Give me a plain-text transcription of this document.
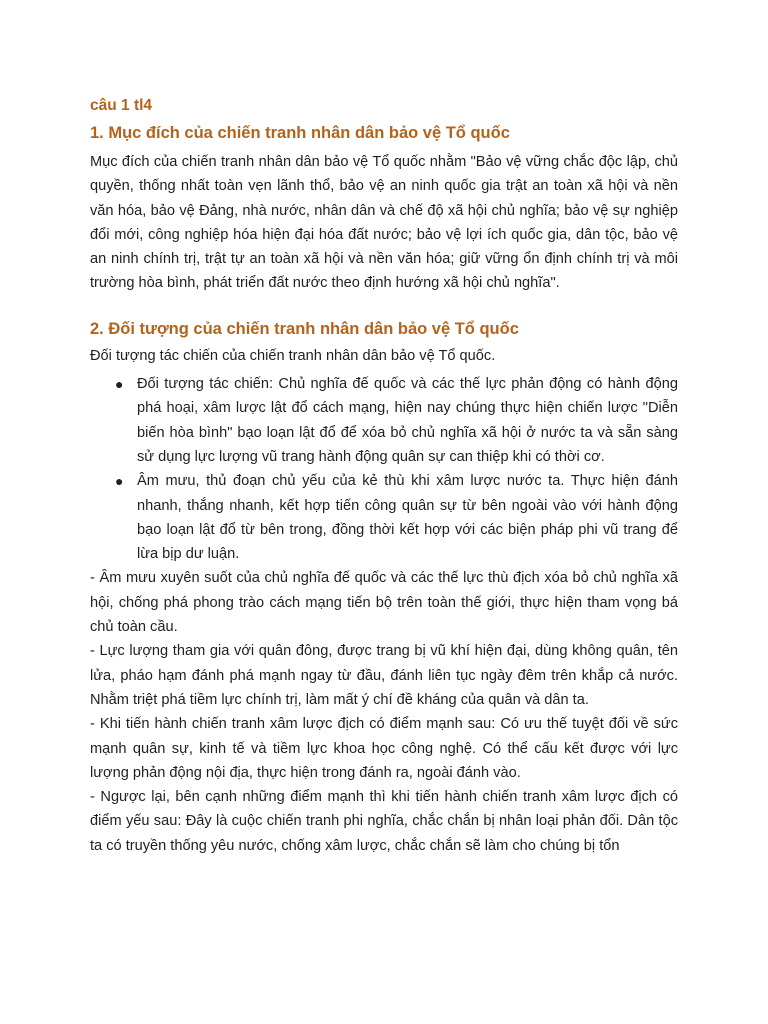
câu 1 tl4

1. Mục đích của chiến tranh nhân dân bảo vệ Tổ quốc

Mục đích của chiến tranh nhân dân bảo vệ Tổ quốc nhằm "Bảo vệ vững chắc độc lập, chủ quyền, thống nhất toàn vẹn lãnh thổ, bảo vệ an ninh quốc gia trật an toàn xã hội và nền văn hóa, bảo vệ Đảng, nhà nước, nhân dân và chế độ xã hội chủ nghĩa; bảo vệ sự nghiệp đổi mới, công nghiệp hóa hiện đại hóa đất nước; bảo vệ lợi ích quốc gia, dân tộc, bảo vệ an ninh chính trị, trật tự an toàn xã hội và nền văn hóa; giữ vững ổn định chính trị và môi trường hòa bình, phát triển đất nước theo định hướng xã hội chủ nghĩa".

2. Đối tượng của chiến tranh nhân dân bảo vệ Tổ quốc

Đối tượng tác chiến của chiến tranh nhân dân bảo vệ Tổ quốc.

● Đối tượng tác chiến: Chủ nghĩa đế quốc và các thế lực phản động có hành động phá hoại, xâm lược lật đổ cách mạng, hiện nay chúng thực hiện chiến lược "Diễn biến hòa bình" bạo loạn lật đổ để xóa bỏ chủ nghĩa xã hội ở nước ta và sẵn sàng sử dụng lực lượng vũ trang hành động quân sự can thiệp khi có thời cơ.
● Âm mưu, thủ đoạn chủ yếu của kẻ thù khi xâm lược nước ta. Thực hiện đánh nhanh, thắng nhanh, kết hợp tiến công quân sự từ bên ngoài vào với hành động bạo loạn lật đổ từ bên trong, đồng thời kết hợp với các biện pháp phi vũ trang để lừa bịp dư luận.

- Âm mưu xuyên suốt của chủ nghĩa đế quốc và các thế lực thù địch xóa bỏ chủ nghĩa xã hội, chống phá phong trào cách mạng tiến bộ trên toàn thế giới, thực hiện tham vọng bá chủ toàn cầu.

- Lực lượng tham gia với quân đông, được trang bị vũ khí hiện đại, dùng không quân, tên lửa, pháo hạm đánh phá mạnh ngay từ đầu, đánh liên tục ngày đêm trên khắp cả nước. Nhằm triệt phá tiềm lực chính trị, làm mất ý chí đề kháng của quân và dân ta.

- Khi tiến hành chiến tranh xâm lược địch có điểm mạnh sau: Có ưu thế tuyệt đối về sức mạnh quân sự, kinh tế và tiềm lực khoa học công nghệ. Có thể cấu kết được với lực lượng phản động nội địa, thực hiện trong đánh ra, ngoài đánh vào.

- Ngược lại, bên cạnh những điểm mạnh thì khi tiến hành chiến tranh xâm lược địch có điểm yếu sau: Đây là cuộc chiến tranh phi nghĩa, chắc chắn bị nhân loại phản đối. Dân tộc ta có truyền thống yêu nước, chống xâm lược, chắc chắn sẽ làm cho chúng bị tổn
